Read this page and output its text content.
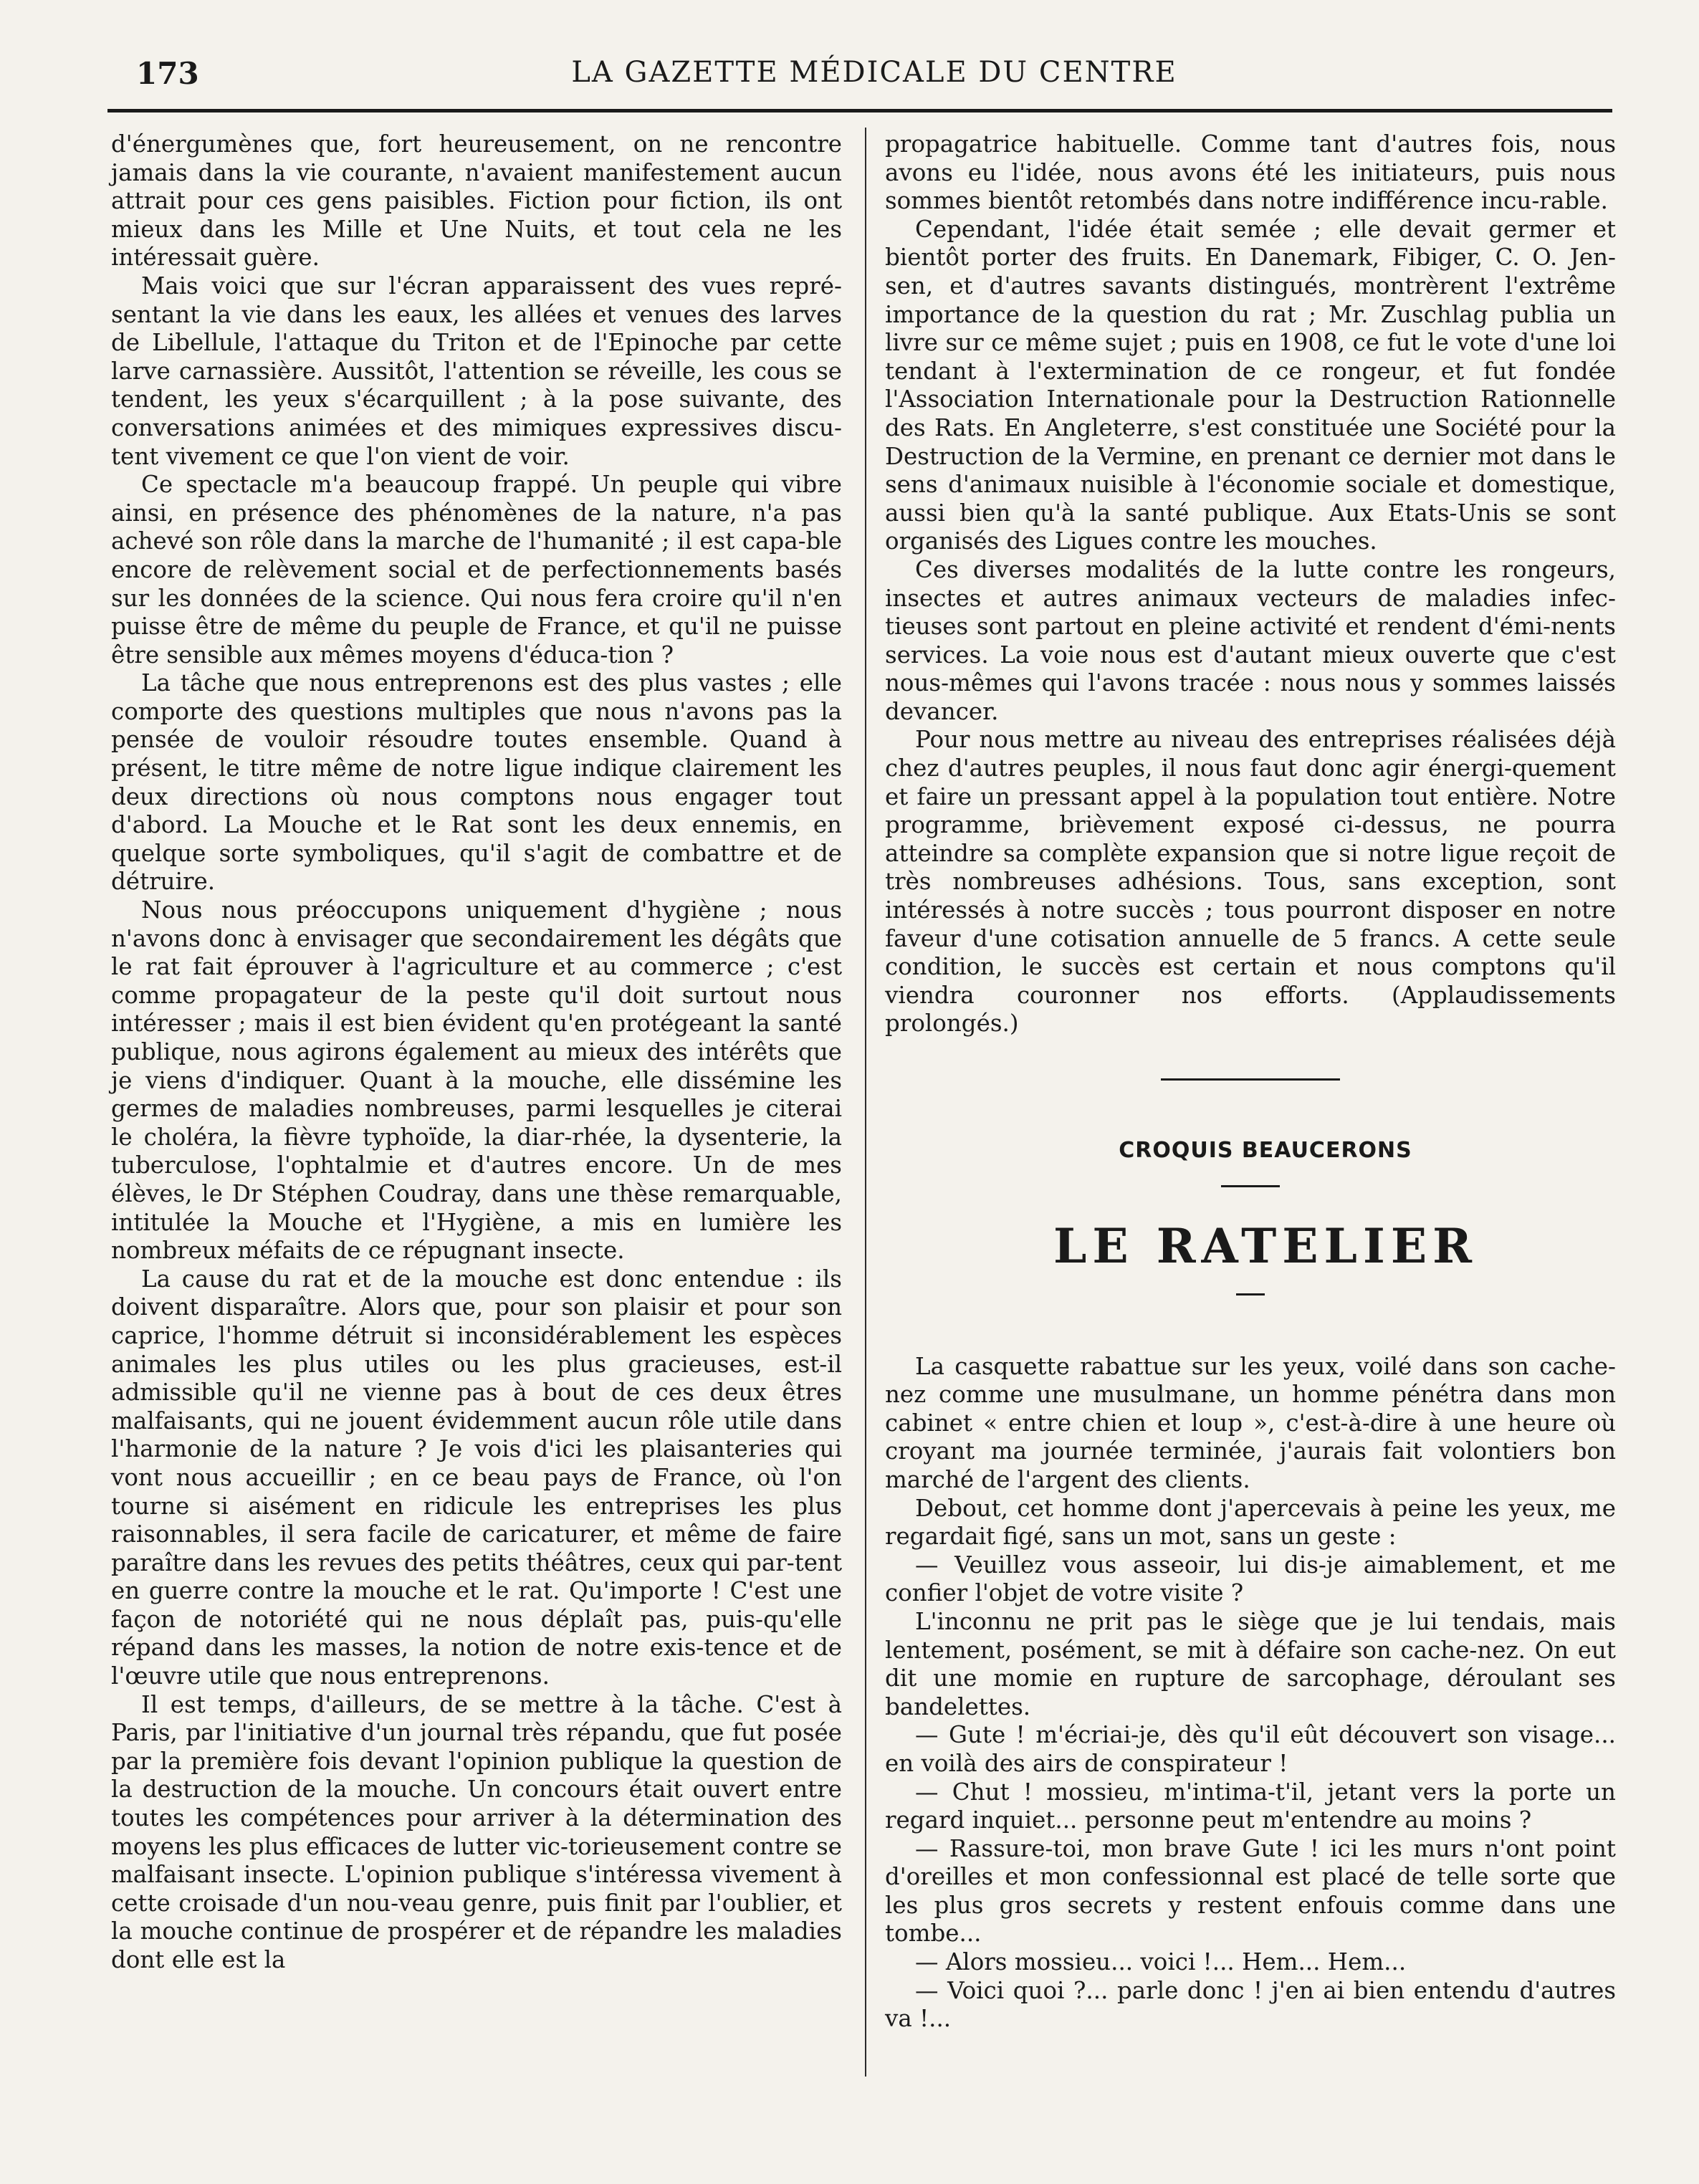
173	LA GAZETTE MÉDICALE DU CENTRE

d'énergumènes que, fort heureusement, on ne rencontre jamais dans la vie courante, n'avaient manifestement aucun attrait pour ces gens paisibles. Fiction pour fiction, ils ont mieux dans les Mille et Une Nuits, et tout cela ne les intéressait guère.

Mais voici que sur l'écran apparaissent des vues repré-sentant la vie dans les eaux, les allées et venues des larves de Libellule, l'attaque du Triton et de l'Epinoche par cette larve carnassière. Aussitôt, l'attention se réveille, les cous se tendent, les yeux s'écarquillent ; à la pose suivante, des conversations animées et des mimiques expressives discu-tent vivement ce que l'on vient de voir.

Ce spectacle m'a beaucoup frappé. Un peuple qui vibre ainsi, en présence des phénomènes de la nature, n'a pas achevé son rôle dans la marche de l'humanité ; il est capa-ble encore de relèvement social et de perfectionnements basés sur les données de la science. Qui nous fera croire qu'il n'en puisse être de même du peuple de France, et qu'il ne puisse être sensible aux mêmes moyens d'éduca-tion ?

La tâche que nous entreprenons est des plus vastes ; elle comporte des questions multiples que nous n'avons pas la pensée de vouloir résoudre toutes ensemble. Quand à présent, le titre même de notre ligue indique clairement les deux directions où nous comptons nous engager tout d'abord. La Mouche et le Rat sont les deux ennemis, en quelque sorte symboliques, qu'il s'agit de combattre et de détruire.

Nous nous préoccupons uniquement d'hygiène ; nous n'avons donc à envisager que secondairement les dégâts que le rat fait éprouver à l'agriculture et au commerce ; c'est comme propagateur de la peste qu'il doit surtout nous intéresser ; mais il est bien évident qu'en protégeant la santé publique, nous agirons également au mieux des intérêts que je viens d'indiquer. Quant à la mouche, elle dissémine les germes de maladies nombreuses, parmi lesquelles je citerai le choléra, la fièvre typhoïde, la diar-rhée, la dysenterie, la tuberculose, l'ophtalmie et d'autres encore. Un de mes élèves, le Dr Stéphen Coudray, dans une thèse remarquable, intitulée la Mouche et l'Hygiène, a mis en lumière les nombreux méfaits de ce répugnant insecte.

La cause du rat et de la mouche est donc entendue : ils doivent disparaître. Alors que, pour son plaisir et pour son caprice, l'homme détruit si inconsidérablement les espèces animales les plus utiles ou les plus gracieuses, est-il admissible qu'il ne vienne pas à bout de ces deux êtres malfaisants, qui ne jouent évidemment aucun rôle utile dans l'harmonie de la nature ? Je vois d'ici les plaisanteries qui vont nous accueillir ; en ce beau pays de France, où l'on tourne si aisément en ridicule les entreprises les plus raisonnables, il sera facile de caricaturer, et même de faire paraître dans les revues des petits théâtres, ceux qui par-tent en guerre contre la mouche et le rat. Qu'importe ! C'est une façon de notoriété qui ne nous déplaît pas, puis-qu'elle répand dans les masses, la notion de notre exis-tence et de l'œuvre utile que nous entreprenons.

Il est temps, d'ailleurs, de se mettre à la tâche. C'est à Paris, par l'initiative d'un journal très répandu, que fut posée par la première fois devant l'opinion publique la question de la destruction de la mouche. Un concours était ouvert entre toutes les compétences pour arriver à la détermination des moyens les plus efficaces de lutter vic-torieusement contre se malfaisant insecte. L'opinion publique s'intéressa vivement à cette croisade d'un nou-veau genre, puis finit par l'oublier, et la mouche continue de prospérer et de répandre les maladies dont elle est la

propagatrice habituelle. Comme tant d'autres fois, nous avons eu l'idée, nous avons été les initiateurs, puis nous sommes bientôt retombés dans notre indifférence incu-rable.

Cependant, l'idée était semée ; elle devait germer et bientôt porter des fruits. En Danemark, Fibiger, C. O. Jen-sen, et d'autres savants distingués, montrèrent l'extrême importance de la question du rat ; Mr. Zuschlag publia un livre sur ce même sujet ; puis en 1908, ce fut le vote d'une loi tendant à l'extermination de ce rongeur, et fut fondée l'Association Internationale pour la Destruction Rationnelle des Rats. En Angleterre, s'est constituée une Société pour la Destruction de la Vermine, en prenant ce dernier mot dans le sens d'animaux nuisible à l'économie sociale et domestique, aussi bien qu'à la santé publique. Aux Etats-Unis se sont organisés des Ligues contre les mouches.

Ces diverses modalités de la lutte contre les rongeurs, insectes et autres animaux vecteurs de maladies infec-tieuses sont partout en pleine activité et rendent d'émi-nents services. La voie nous est d'autant mieux ouverte que c'est nous-mêmes qui l'avons tracée : nous nous y sommes laissés devancer.

Pour nous mettre au niveau des entreprises réalisées déjà chez d'autres peuples, il nous faut donc agir énergi-quement et faire un pressant appel à la population tout entière. Notre programme, brièvement exposé ci-dessus, ne pourra atteindre sa complète expansion que si notre ligue reçoit de très nombreuses adhésions. Tous, sans exception, sont intéressés à notre succès ; tous pourront disposer en notre faveur d'une cotisation annuelle de 5 francs. A cette seule condition, le succès est certain et nous comptons qu'il viendra couronner nos efforts. (Applaudissements prolongés.)

CROQUIS BEAUCERONS

LE RATELIER

La casquette rabattue sur les yeux, voilé dans son cache-nez comme une musulmane, un homme pénétra dans mon cabinet « entre chien et loup », c'est-à-dire à une heure où croyant ma journée terminée, j'aurais fait volontiers bon marché de l'argent des clients.

Debout, cet homme dont j'apercevais à peine les yeux, me regardait figé, sans un mot, sans un geste :

— Veuillez vous asseoir, lui dis-je aimablement, et me confier l'objet de votre visite ?

L'inconnu ne prit pas le siège que je lui tendais, mais lentement, posément, se mit à défaire son cache-nez. On eut dit une momie en rupture de sarcophage, déroulant ses bandelettes.

— Gute ! m'écriai-je, dès qu'il eût découvert son visage... en voilà des airs de conspirateur !

— Chut ! mossieu, m'intima-t'il, jetant vers la porte un regard inquiet... personne peut m'entendre au moins ?

— Rassure-toi, mon brave Gute ! ici les murs n'ont point d'oreilles et mon confessionnal est placé de telle sorte que les plus gros secrets y restent enfouis comme dans une tombe...

— Alors mossieu... voici !... Hem... Hem...

— Voici quoi ?... parle donc ! j'en ai bien entendu d'autres va !...
